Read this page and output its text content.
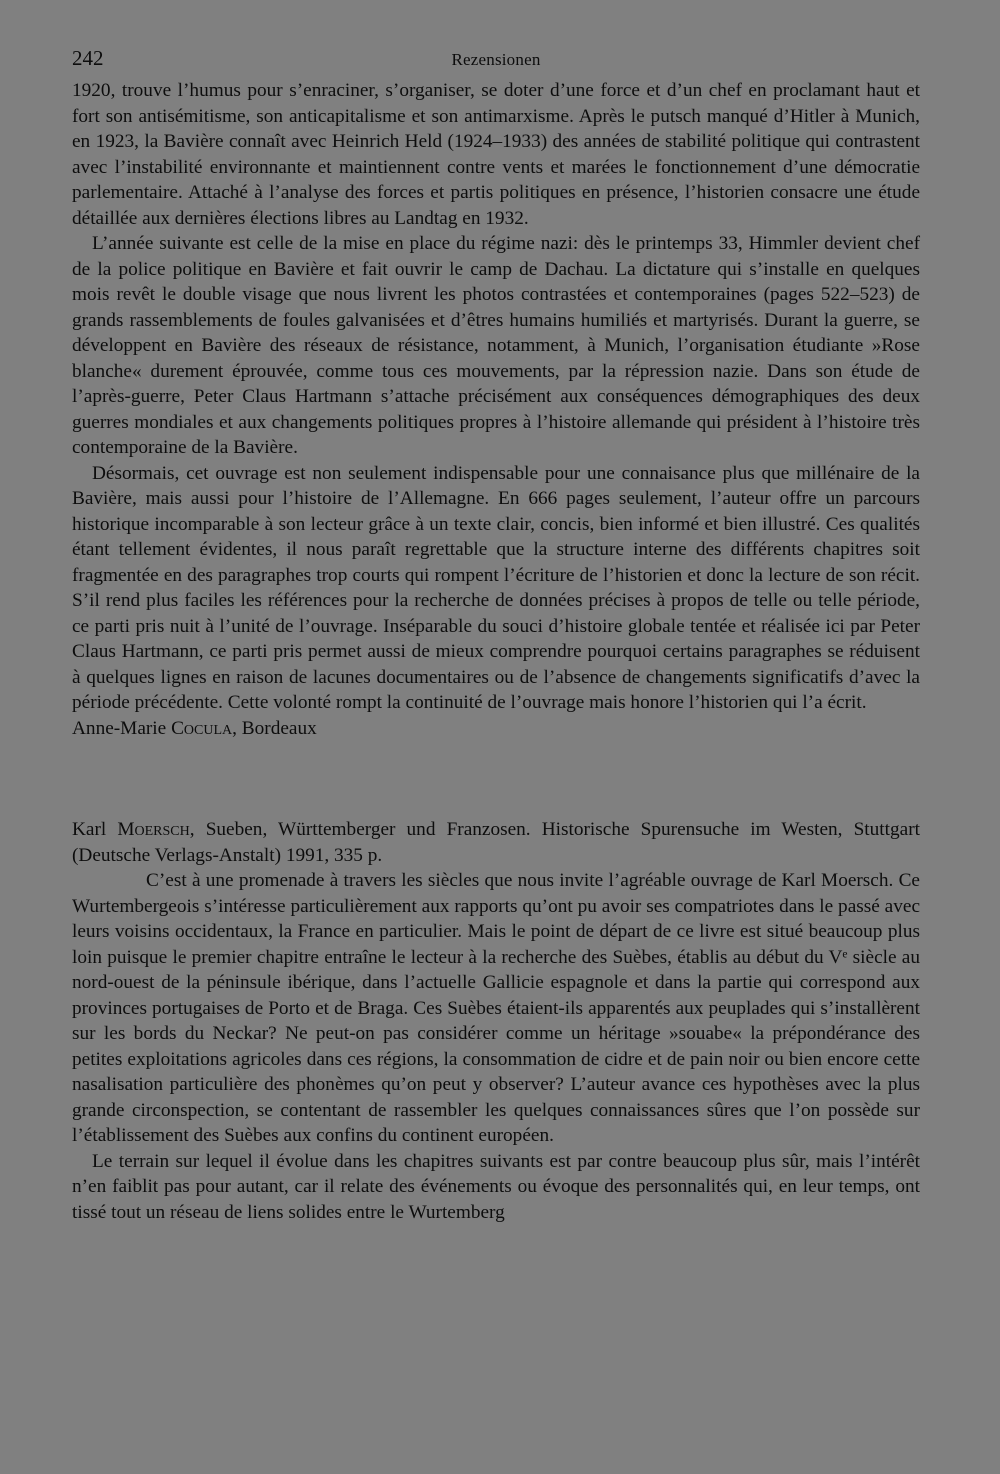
242	Rezensionen

1920, trouve l’humus pour s’enraciner, s’organiser, se doter d’une force et d’un chef en proclamant haut et fort son antisémitisme, son anticapitalisme et son antimarxisme. Après le putsch manqué d’Hitler à Munich, en 1923, la Bavière connaît avec Heinrich Held (1924–1933) des années de stabilité politique qui contrastent avec l’instabilité environnante et maintiennent contre vents et marées le fonctionnement d’une démocratie parlementaire. Attaché à l’analyse des forces et partis politiques en présence, l’historien consacre une étude détaillée aux dernières élections libres au Landtag en 1932.

L’année suivante est celle de la mise en place du régime nazi: dès le printemps 33, Himmler devient chef de la police politique en Bavière et fait ouvrir le camp de Dachau. La dictature qui s’installe en quelques mois revêt le double visage que nous livrent les photos contrastées et contemporaines (pages 522–523) de grands rassemblements de foules galvanisées et d’êtres humains humiliés et martyrisés. Durant la guerre, se développent en Bavière des réseaux de résistance, notamment, à Munich, l’organisation étudiante »Rose blanche« durement éprouvée, comme tous ces mouvements, par la répression nazie. Dans son étude de l’après-guerre, Peter Claus Hartmann s’attache précisément aux conséquences démographiques des deux guerres mondiales et aux changements politiques propres à l’histoire allemande qui président à l’histoire très contemporaine de la Bavière.

Désormais, cet ouvrage est non seulement indispensable pour une connaisance plus que millénaire de la Bavière, mais aussi pour l’histoire de l’Allemagne. En 666 pages seulement, l’auteur offre un parcours historique incomparable à son lecteur grâce à un texte clair, concis, bien informé et bien illustré. Ces qualités étant tellement évidentes, il nous paraît regrettable que la structure interne des différents chapitres soit fragmentée en des paragraphes trop courts qui rompent l’écriture de l’historien et donc la lecture de son récit. S’il rend plus faciles les références pour la recherche de données précises à propos de telle ou telle période, ce parti pris nuit à l’unité de l’ouvrage. Inséparable du souci d’histoire globale tentée et réalisée ici par Peter Claus Hartmann, ce parti pris permet aussi de mieux comprendre pourquoi certains paragraphes se réduisent à quelques lignes en raison de lacunes documentaires ou de l’absence de changements significatifs d’avec la période précédente. Cette volonté rompt la continuité de l’ouvrage mais honore l’historien qui l’a écrit.

Anne-Marie Cocula, Bordeaux

Karl Moersch, Sueben, Württemberger und Franzosen. Historische Spurensuche im Westen, Stuttgart (Deutsche Verlags-Anstalt) 1991, 335 p.

C’est à une promenade à travers les siècles que nous invite l’agréable ouvrage de Karl Moersch. Ce Wurtembergeois s’intéresse particulièrement aux rapports qu’ont pu avoir ses compatriotes dans le passé avec leurs voisins occidentaux, la France en particulier. Mais le point de départ de ce livre est situé beaucoup plus loin puisque le premier chapitre entraîne le lecteur à la recherche des Suèbes, établis au début du Vᵉ siècle au nord-ouest de la péninsule ibérique, dans l’actuelle Gallicie espagnole et dans la partie qui correspond aux provinces portugaises de Porto et de Braga. Ces Suèbes étaient-ils apparentés aux peuplades qui s’installèrent sur les bords du Neckar? Ne peut-on pas considérer comme un héritage »souabe« la prépondérance des petites exploitations agricoles dans ces régions, la consommation de cidre et de pain noir ou bien encore cette nasalisation particulière des phonèmes qu’on peut y observer? L’auteur avance ces hypothèses avec la plus grande circonspection, se contentant de rassembler les quelques connaissances sûres que l’on possède sur l’établissement des Suèbes aux confins du continent européen.

Le terrain sur lequel il évolue dans les chapitres suivants est par contre beaucoup plus sûr, mais l’intérêt n’en faiblit pas pour autant, car il relate des événements ou évoque des personnalités qui, en leur temps, ont tissé tout un réseau de liens solides entre le Wurtemberg
